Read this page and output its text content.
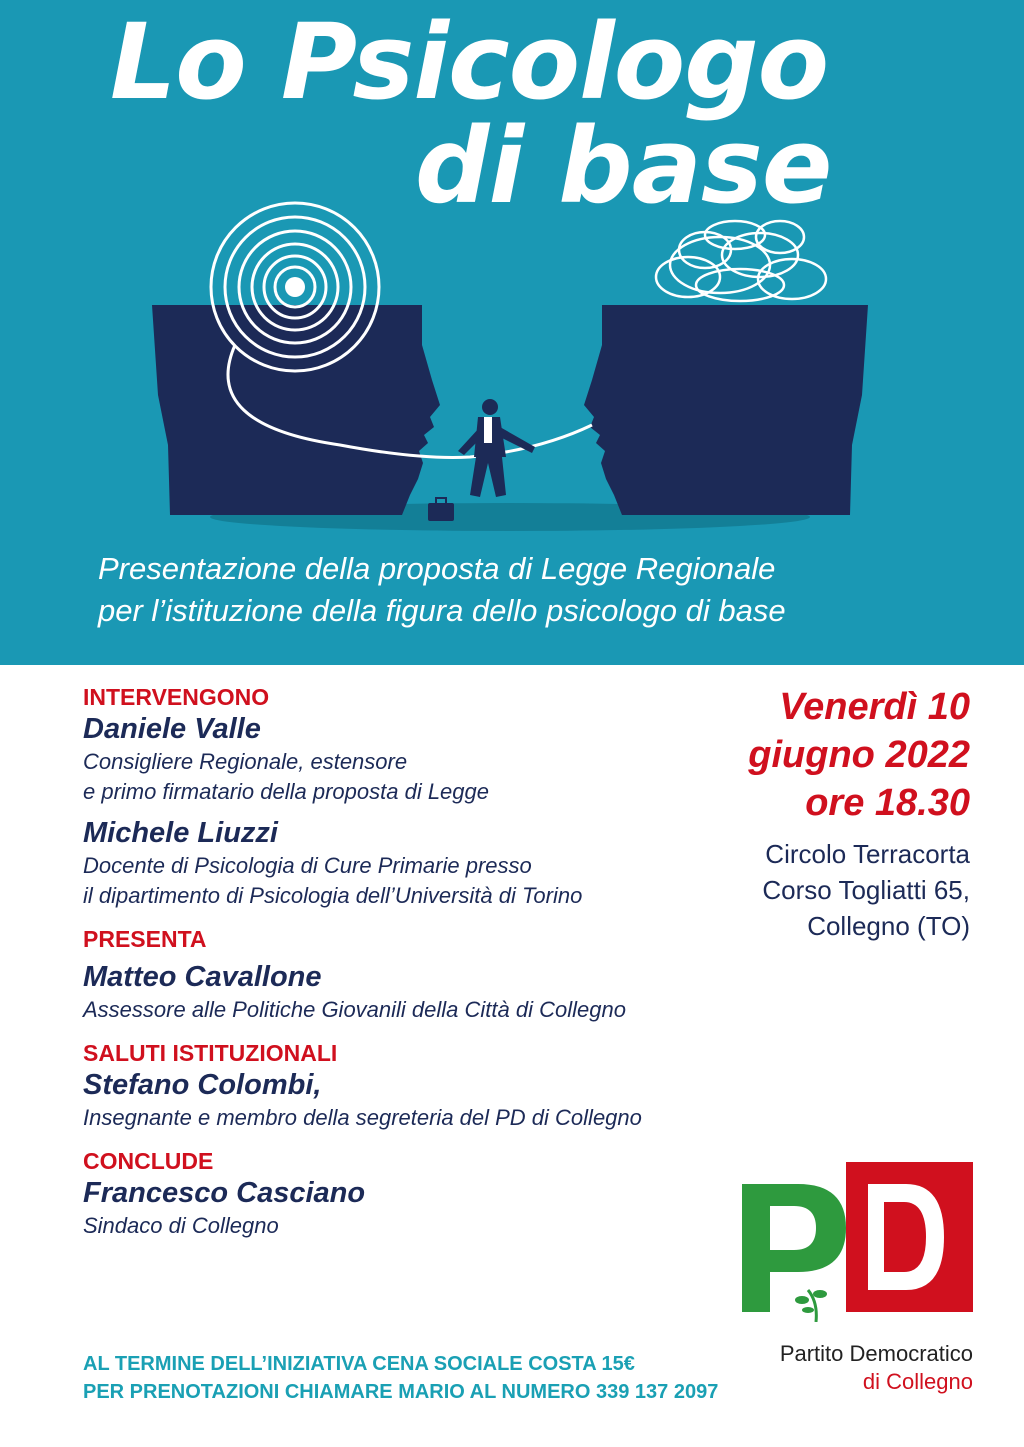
Lo Psicologo
di base
Presentazione della proposta di Legge Regionale
per l’istituzione della figura dello psicologo di base
INTERVENGONO
Daniele Valle
Consigliere Regionale, estensore
e primo firmatario della proposta di Legge
Michele Liuzzi
Docente di Psicologia di Cure Primarie presso
il dipartimento di Psicologia dell’Università di Torino
PRESENTA
Matteo Cavallone
Assessore alle Politiche Giovanili della Città di Collegno
SALUTI ISTITUZIONALI
Stefano Colombi,
Insegnante e membro della segreteria del PD di Collegno
CONCLUDE
Francesco Casciano
Sindaco di Collegno
Venerdì 10
giugno 2022
ore 18.30
Circolo Terracorta
Corso Togliatti 65,
Collegno (TO)
AL TERMINE DELL’INIZIATIVA CENA SOCIALE COSTA 15€
PER PRENOTAZIONI CHIAMARE MARIO AL NUMERO 339 137 2097
Partito Democratico
di Collegno
